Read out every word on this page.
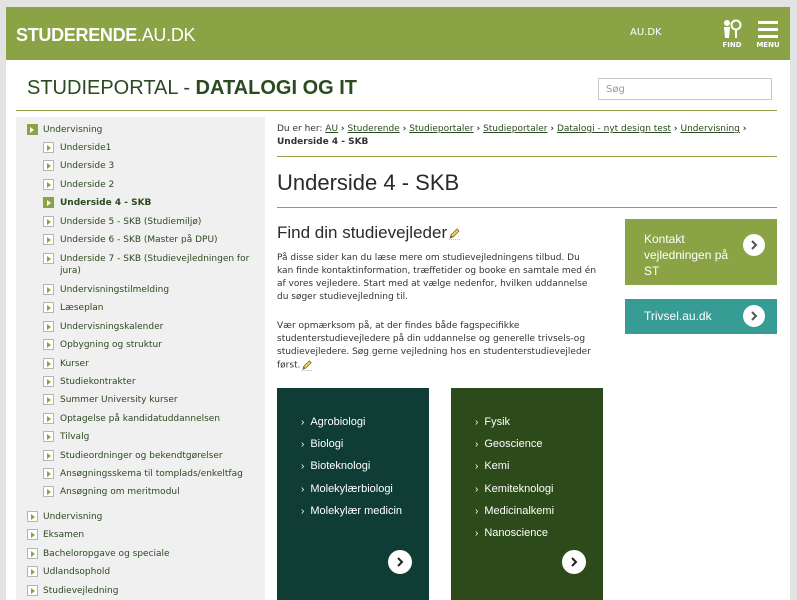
STUDERENDE.AU.DK	AU.DK
FIND	MENU
STUDIEPORTAL - DATALOGI OG IT
Søg
Undervisning
Underside1
Underside 3
Underside 2
Underside 4 - SKB
Underside 5 - SKB (Studiemiljø)
Underside 6 - SKB (Master på DPU)
Underside 7 - SKB (Studievejledningen for jura)
Undervisningstilmelding
Læseplan
Undervisningskalender
Opbygning og struktur
Kurser
Studiekontrakter
Summer University kurser
Optagelse på kandidatuddannelsen
Tilvalg
Studieordninger og bekendtgørelser
Ansøgningsskema til tomplads/enkeltfag
Ansøgning om meritmodul
Undervisning
Eksamen
Bacheloropgave og speciale
Udlandsophold
Studievejledning
Du er her: AU › Studerende › Studieportaler › Studieportaler › Datalogi - nyt design test › Undervisning ›
Underside 4 - SKB
Underside 4 - SKB
Find din studievejleder
På disse sider kan du læse mere om studievejledningens tilbud. Du kan finde kontaktinformation, træffetider og booke en samtale med én af vores vejledere. Start med at vælge nedenfor, hvilken uddannelse du søger studievejledning til.
Vær opmærksom på, at der findes både fagspecifikke studenterstudievejledere på din uddannelse og generelle trivsels-og studievejledere. Søg gerne vejledning hos en studenterstudievejleder først.
Kontakt vejledningen på ST
Trivsel.au.dk
› Agrobiologi
› Biologi
› Bioteknologi
› Molekylærbiologi
› Molekylær medicin
› Fysik
› Geoscience
› Kemi
› Kemiteknologi
› Medicinalkemi
› Nanoscience
